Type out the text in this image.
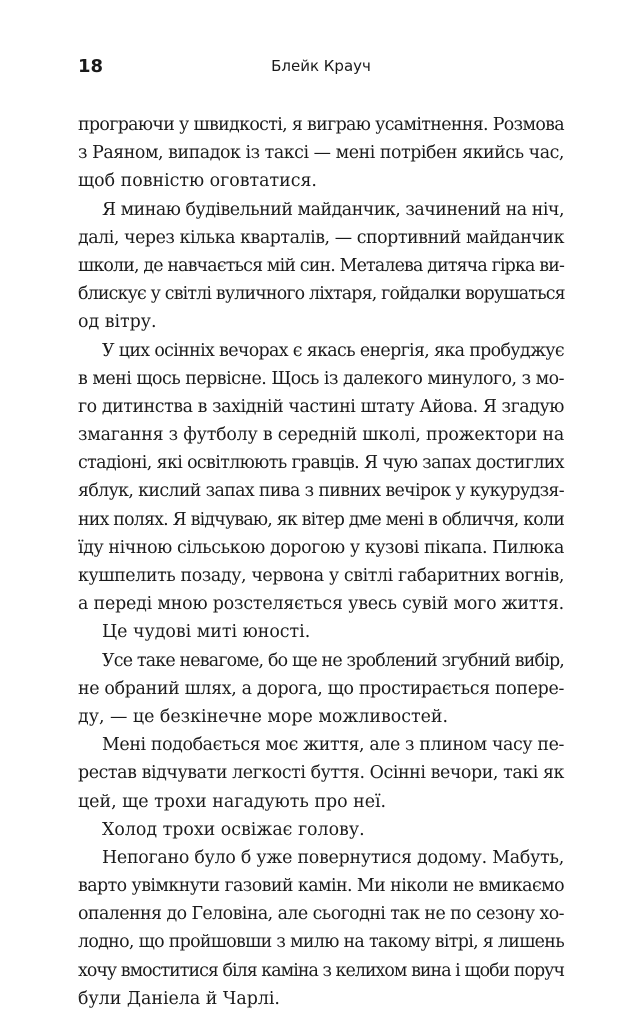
18	Блейк Крауч
програючи у швидкості, я виграю усамітнення. Розмова
з Раяном, випадок із таксі — мені потрібен якийсь час,
щоб повністю оговтатися.
Я минаю будівельний майданчик, зачинений на ніч,
далі, через кілька кварталів, — спортивний майданчик
школи, де навчається мій син. Металева дитяча гірка ви-
блискує у світлі вуличного ліхтаря, гойдалки ворушаться
од вітру.
У цих осінніх вечорах є якась енергія, яка пробуджує
в мені щось первісне. Щось із далекого минулого, з мо-
го дитинства в західній частині штату Айова. Я згадую
змагання з футболу в середній школі, прожектори на
стадіоні, які освітлюють гравців. Я чую запах достиглих
яблук, кислий запах пива з пивних вечірок у кукурудзя-
них полях. Я відчуваю, як вітер дме мені в обличчя, коли
їду нічною сільською дорогою у кузові пікапа. Пилюка
кушпелить позаду, червона у світлі габаритних вогнів,
а переді мною розстеляється увесь сувій мого життя.
Це чудові миті юності.
Усе таке невагоме, бо ще не зроблений згубний вибір,
не обраний шлях, а дорога, що простирається попере-
ду, — це безкінечне море можливостей.
Мені подобається моє життя, але з плином часу пе-
рестав відчувати легкості буття. Осінні вечори, такі як
цей, ще трохи нагадують про неї.
Холод трохи освіжає голову.
Непогано було б уже повернутися додому. Мабуть,
варто увімкнути газовий камін. Ми ніколи не вмикаємо
опалення до Геловіна, але сьогодні так не по сезону хо-
лодно, що пройшовши з милю на такому вітрі, я лишень
хочу вмоститися біля каміна з келихом вина і щоби поруч
були Даніела й Чарлі.
